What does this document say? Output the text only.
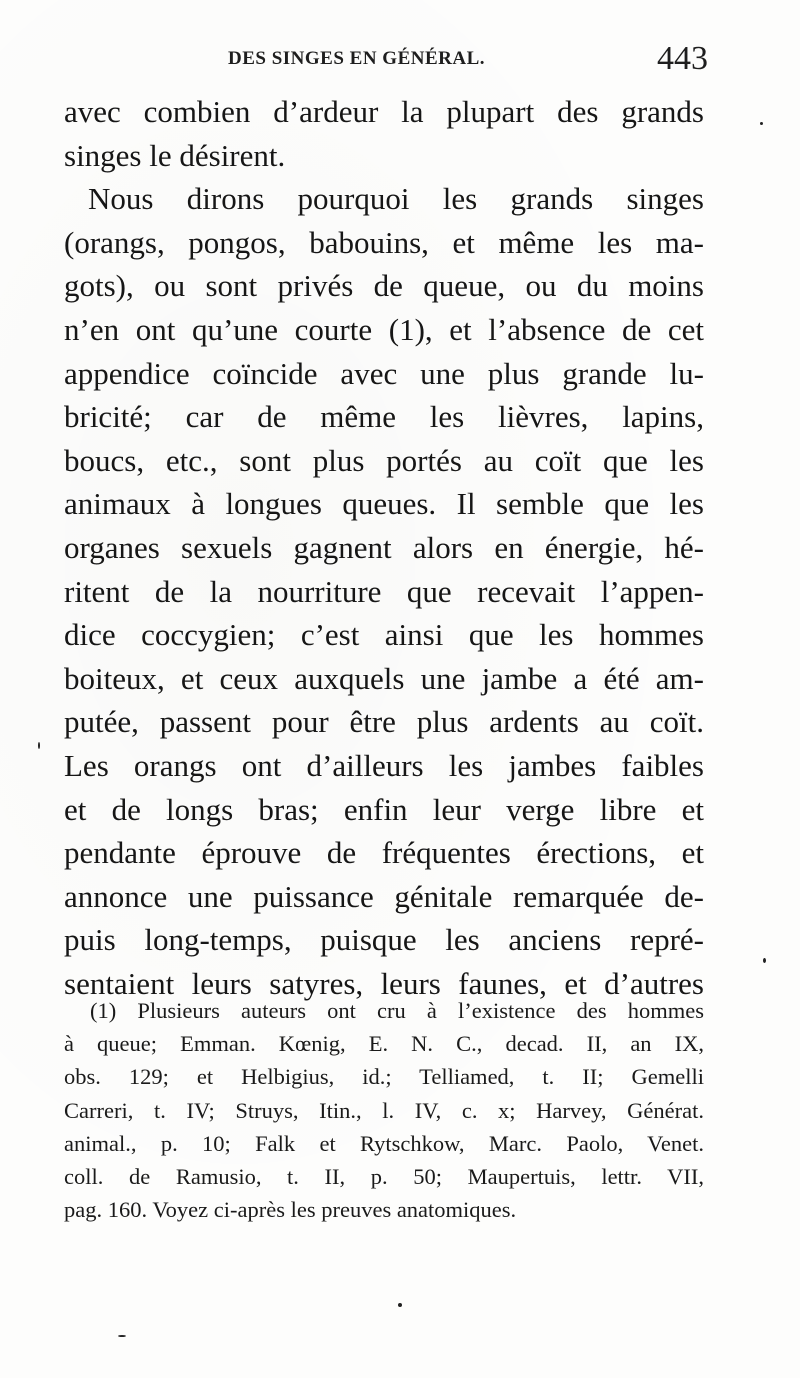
DES SINGES EN GÉNÉRAL.	443
avec combien d’ardeur la plupart des grands
singes le désirent.
Nous dirons pourquoi les grands singes
(orangs, pongos, babouins, et même les ma-
gots), ou sont privés de queue, ou du moins
n’en ont qu’une courte (1), et l’absence de cet
appendice coïncide avec une plus grande lu-
bricité; car de même les lièvres, lapins,
boucs, etc., sont plus portés au coït que les
animaux à longues queues. Il semble que les
organes sexuels gagnent alors en énergie, hé-
ritent de la nourriture que recevait l’appen-
dice coccygien; c’est ainsi que les hommes
boiteux, et ceux auxquels une jambe a été am-
putée, passent pour être plus ardents au coït.
Les orangs ont d’ailleurs les jambes faibles
et de longs bras; enfin leur verge libre et
pendante éprouve de fréquentes érections, et
annonce une puissance génitale remarquée de-
puis long-temps, puisque les anciens repré-
sentaient leurs satyres, leurs faunes, et d’autres
(1) Plusieurs auteurs ont cru à l’existence des hommes
à queue; Emman. Kœnig, E. N. C., decad. II, an IX,
obs. 129; et Helbigius, id.; Telliamed, t. II; Gemelli
Carreri, t. IV; Struys, Itin., l. IV, c. x; Harvey, Générat.
animal., p. 10; Falk et Rytschkow, Marc. Paolo, Venet.
coll. de Ramusio, t. II, p. 50; Maupertuis, lettr. VII,
pag. 160. Voyez ci-après les preuves anatomiques.
